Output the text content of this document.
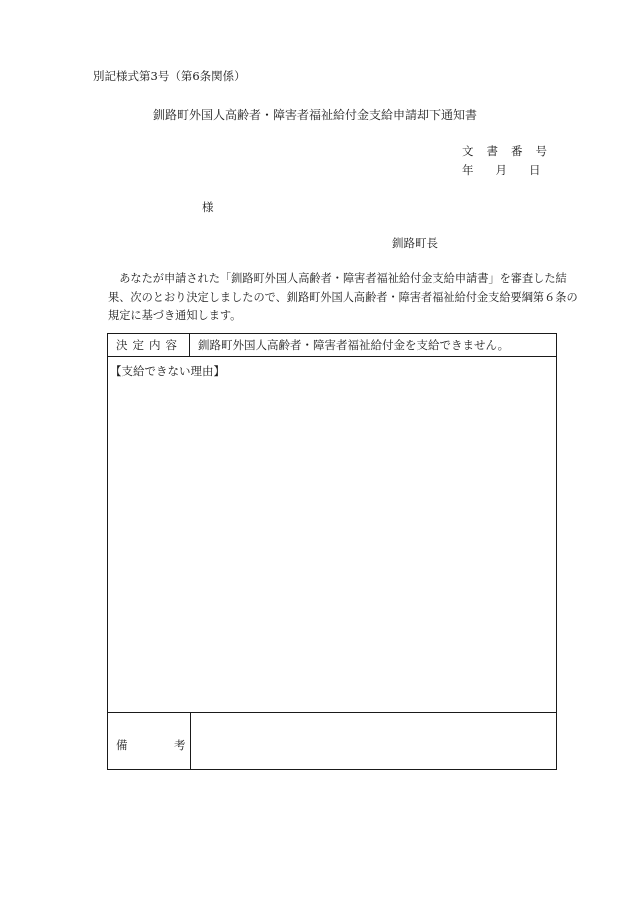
別記様式第3号（第6条関係）
釧路町外国人高齢者・障害者福祉給付金支給申請却下通知書
文書番号
年 月 日
様
釧路町長
あなたが申請された「釧路町外国人高齢者・障害者福祉給付金支給申請書」を審査した結果、次のとおり決定しましたので、釧路町外国人高齢者・障害者福祉給付金支給要綱第６条の規定に基づき通知します。
決定内容	釧路町外国人高齢者・障害者福祉給付金を支給できません。
【支給できない理由】
備	考
